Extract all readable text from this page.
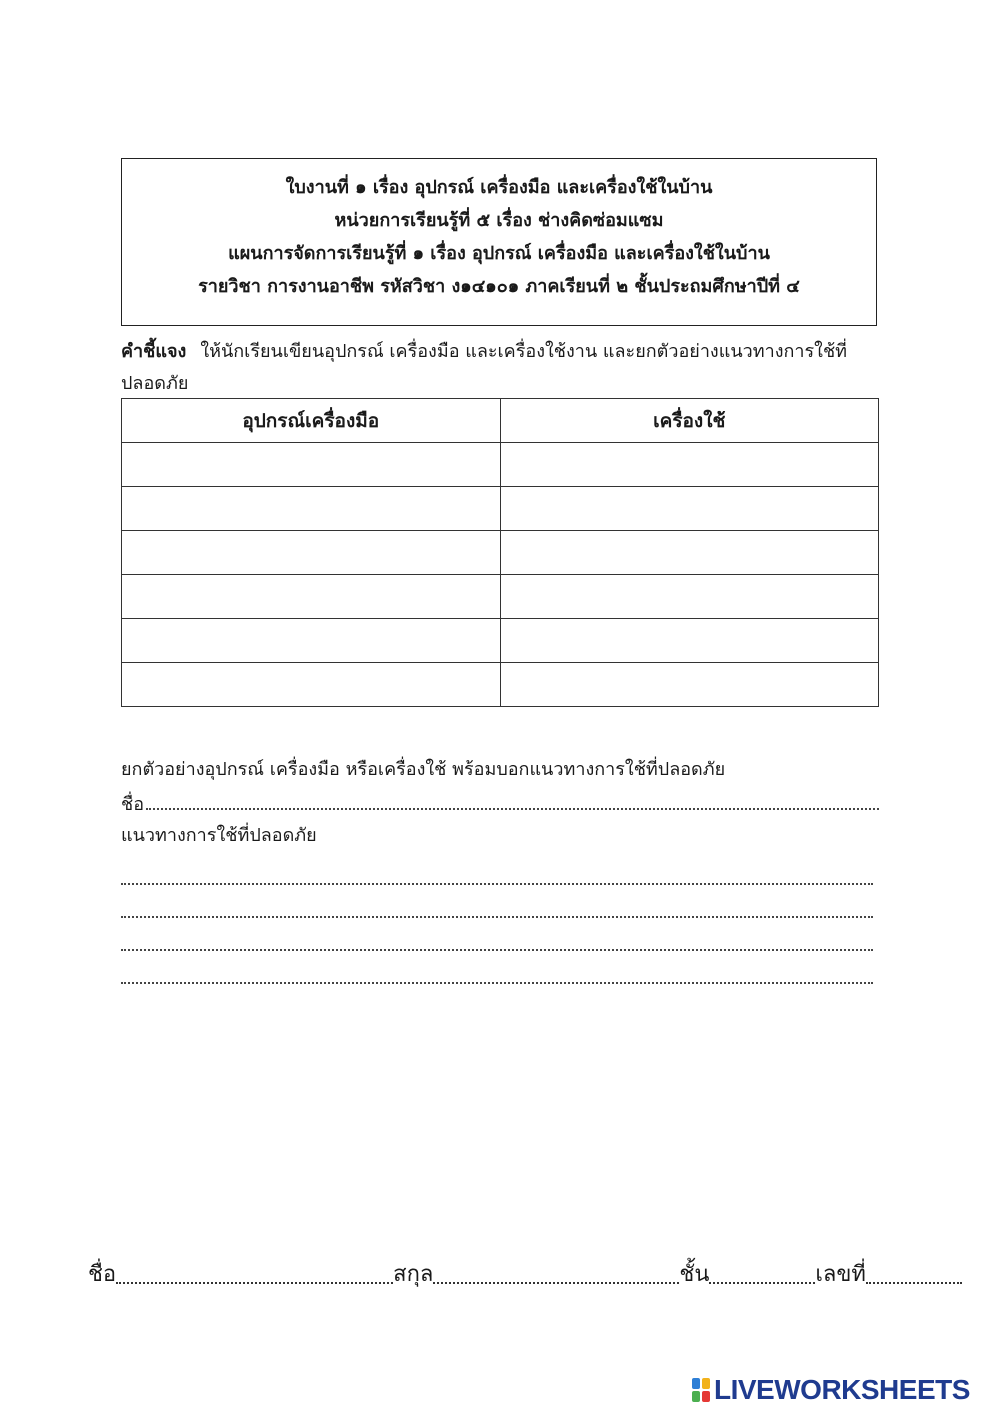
ใบงานที่ ๑ เรื่อง อุปกรณ์ เครื่องมือ และเครื่องใช้ในบ้าน
หน่วยการเรียนรู้ที่ ๕ เรื่อง ช่างคิดซ่อมแซม
แผนการจัดการเรียนรู้ที่ ๑ เรื่อง อุปกรณ์ เครื่องมือ และเครื่องใช้ในบ้าน
รายวิชา การงานอาชีพ รหัสวิชา ง๑๔๑๐๑ ภาคเรียนที่ ๒ ชั้นประถมศึกษาปีที่ ๔
คำชี้แจง ให้นักเรียนเขียนอุปกรณ์ เครื่องมือ และเครื่องใช้งาน และยกตัวอย่างแนวทางการใช้ที่ปลอดภัย
อุปกรณ์เครื่องมือ	เครื่องใช้

ยกตัวอย่างอุปกรณ์ เครื่องมือ หรือเครื่องใช้ พร้อมบอกแนวทางการใช้ที่ปลอดภัย
ชื่อ
แนวทางการใช้ที่ปลอดภัย
ชื่อ	สกุล	ชั้น	เลขที่
LIVEWORKSHEETS
